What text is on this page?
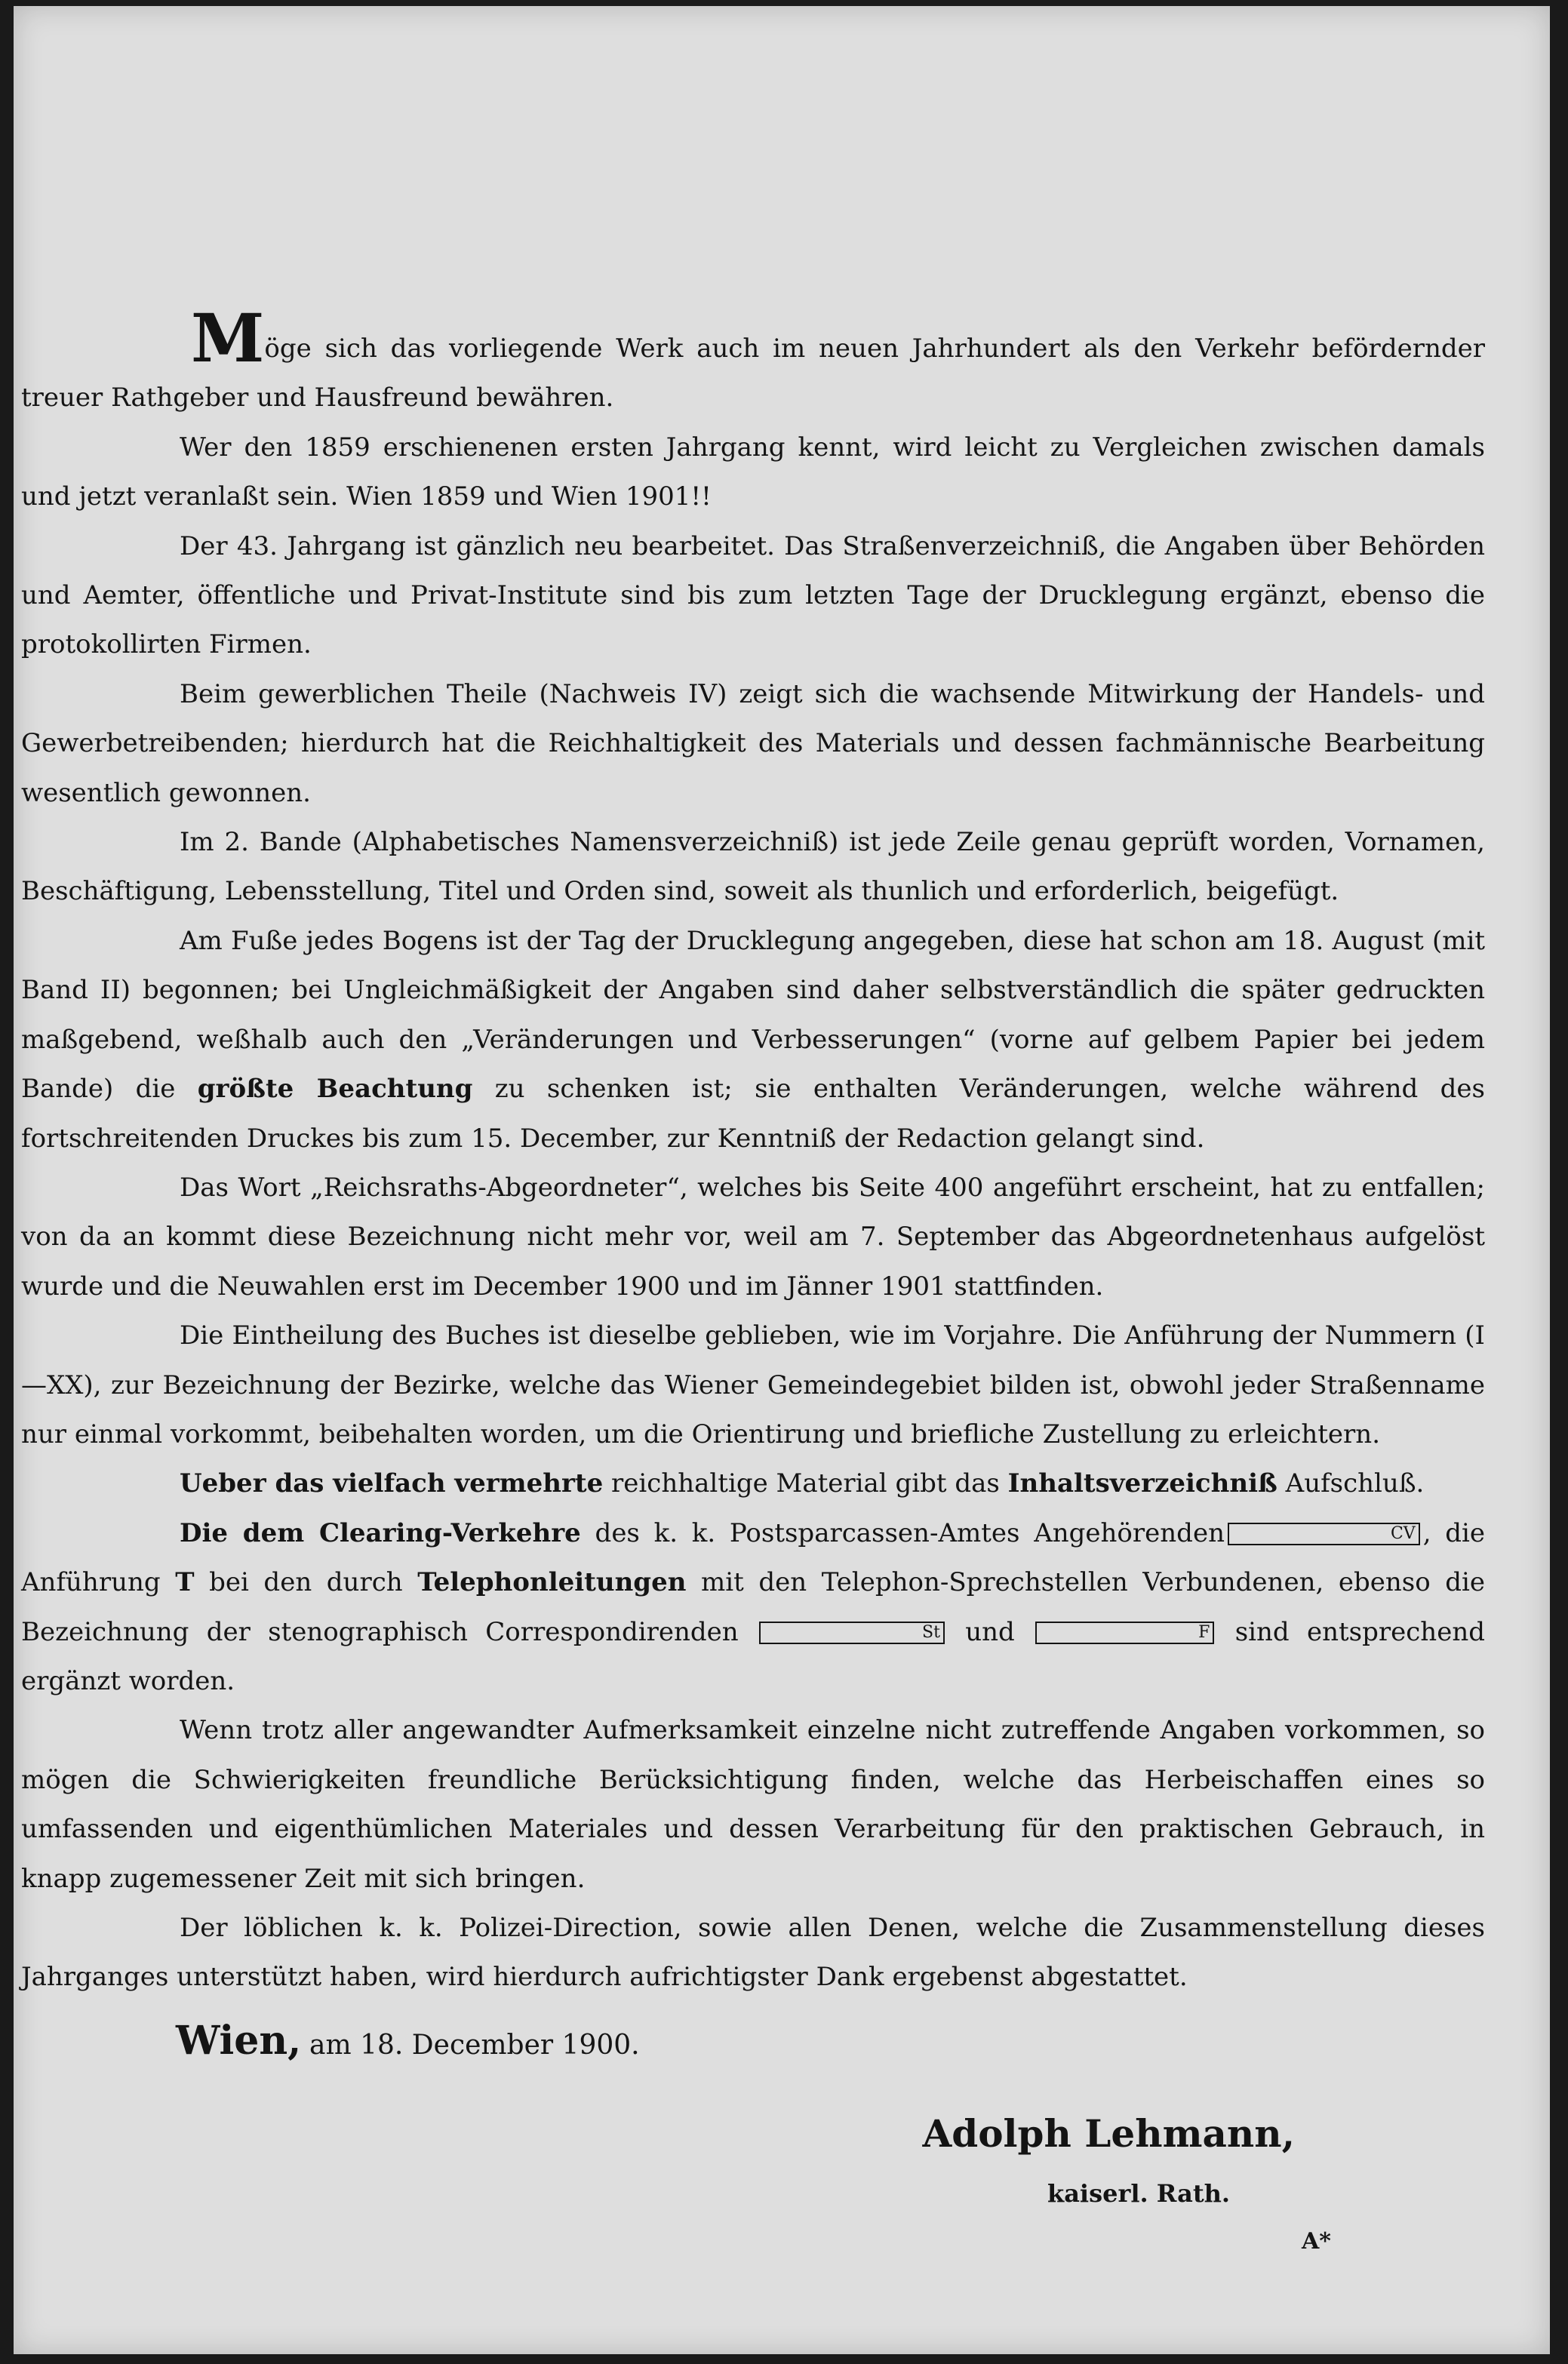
Möge sich das vorliegende Werk auch im neuen Jahrhundert als den Verkehr befördernder treuer Rathgeber und Hausfreund bewähren.

Wer den 1859 erschienenen ersten Jahrgang kennt, wird leicht zu Vergleichen zwischen damals und jetzt veranlaßt sein. Wien 1859 und Wien 1901!!

Der 43. Jahrgang ist gänzlich neu bearbeitet. Das Straßenverzeichniß, die Angaben über Behörden und Aemter, öffentliche und Privat-Institute sind bis zum letzten Tage der Drucklegung ergänzt, ebenso die protokollirten Firmen.

Beim gewerblichen Theile (Nachweis IV) zeigt sich die wachsende Mitwirkung der Handels- und Gewerbetreibenden; hierdurch hat die Reichhaltigkeit des Materials und dessen fachmännische Bearbeitung wesentlich gewonnen.

Im 2. Bande (Alphabetisches Namensverzeichniß) ist jede Zeile genau geprüft worden, Vornamen, Beschäftigung, Lebensstellung, Titel und Orden sind, soweit als thunlich und erforderlich, beigefügt.

Am Fuße jedes Bogens ist der Tag der Drucklegung angegeben, diese hat schon am 18. August (mit Band II) begonnen; bei Ungleichmäßigkeit der Angaben sind daher selbstverständlich die später gedruckten maßgebend, weßhalb auch den „Veränderungen und Verbesserungen“ (vorne auf gelbem Papier bei jedem Bande) die größte Beachtung zu schenken ist; sie enthalten Veränderungen, welche während des fortschreitenden Druckes bis zum 15. December, zur Kenntniß der Redaction gelangt sind.

Das Wort „Reichsraths-Abgeordneter“, welches bis Seite 400 angeführt erscheint, hat zu entfallen; von da an kommt diese Bezeichnung nicht mehr vor, weil am 7. September das Abgeordnetenhaus aufgelöst wurde und die Neuwahlen erst im December 1900 und im Jänner 1901 stattfinden.

Die Eintheilung des Buches ist dieselbe geblieben, wie im Vorjahre. Die Anführung der Nummern (I—XX), zur Bezeichnung der Bezirke, welche das Wiener Gemeindegebiet bilden ist, obwohl jeder Straßenname nur einmal vorkommt, beibehalten worden, um die Orientirung und briefliche Zustellung zu erleichtern.

Ueber das vielfach vermehrte reichhaltige Material gibt das Inhaltsverzeichniß Aufschluß.

Die dem Clearing-Verkehre des k. k. Postsparcassen-Amtes Angehörenden	CV , die Anführung T bei den durch Telephonleitungen mit den Telephon-Sprechstellen Verbundenen, ebenso die Bezeichnung der stenographisch Correspondirenden	St und	F sind entsprechend ergänzt worden.

Wenn trotz aller angewandter Aufmerksamkeit einzelne nicht zutreffende Angaben vorkommen, so mögen die Schwierigkeiten freundliche Berücksichtigung finden, welche das Herbeischaffen eines so umfassenden und eigenthümlichen Materiales und dessen Verarbeitung für den praktischen Gebrauch, in knapp zugemessener Zeit mit sich bringen.

Der löblichen k. k. Polizei-Direction, sowie allen Denen, welche die Zusammenstellung dieses Jahrganges unterstützt haben, wird hierdurch aufrichtigster Dank ergebenst abgestattet.

Wien, am 18. December 1900.

Adolph Lehmann,
kaiserl. Rath.
A*
